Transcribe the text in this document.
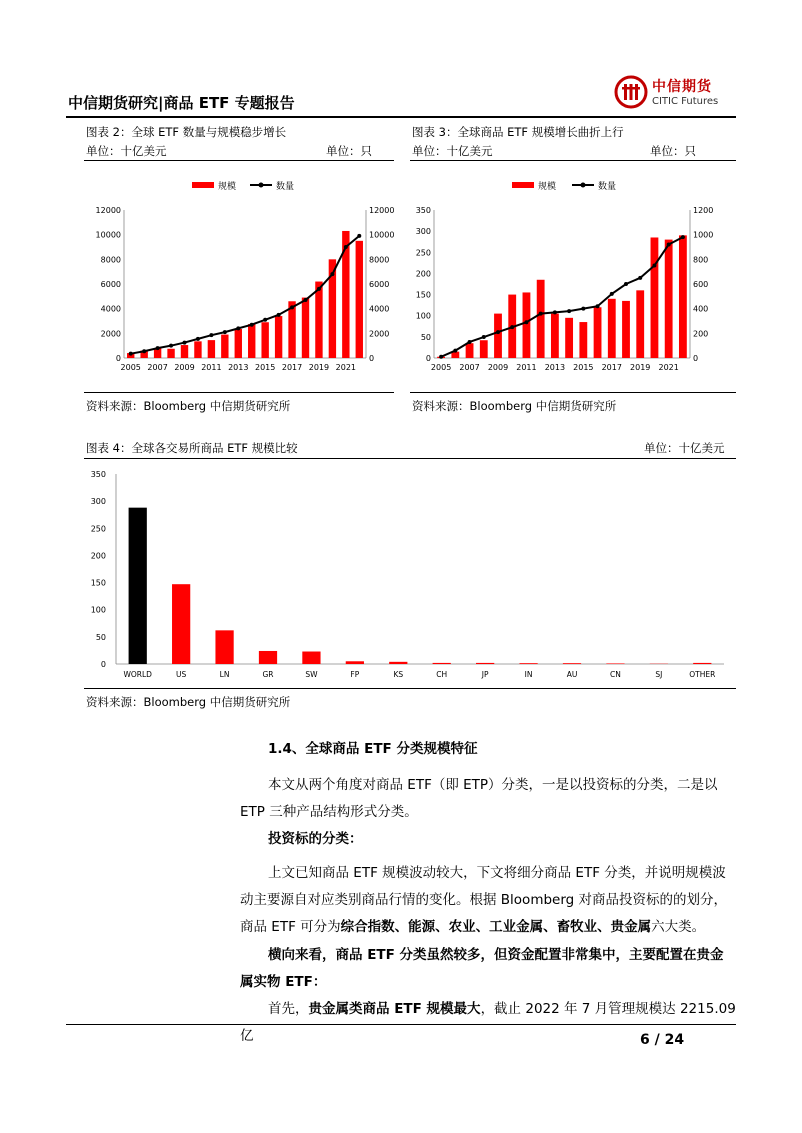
中信期货研究|商品 ETF 专题报告
中信期货
CITIC Futures
图表 2：全球 ETF 数量与规模稳步增长
单位：十亿美元	单位：只
图表 3：全球商品 ETF 规模增长曲折上行
单位：十亿美元	单位：只
规模	数量
0
2000
4000
6000
8000
10000
12000
0
2000
4000
6000
8000
10000
12000
2005 2007 2009 2011 2013 2015 2017 2019 2021
规模	数量
0
50
100
150
200
250
300
350
0
200
400
600
800
1000
1200
2005 2007 2009 2011 2013 2015 2017 2019 2021
资料来源：Bloomberg 中信期货研究所	资料来源：Bloomberg 中信期货研究所
图表 4：全球各交易所商品 ETF 规模比较	单位：十亿美元
0
50
100
150
200
250
300
350
WORLD	US	LN	GR	SW	FP	KS	CH	JP	IN	AU	CN	SJ	OTHER
资料来源：Bloomberg 中信期货研究所
1.4、全球商品 ETF 分类规模特征
本文从两个角度对商品 ETF（即 ETP）分类，一是以投资标的分类，二是以 ETP 三种产品结构形式分类。
投资标的分类：
上文已知商品 ETF 规模波动较大，下文将细分商品 ETF 分类，并说明规模波动主要源自对应类别商品行情的变化。根据 Bloomberg 对商品投资标的的划分，商品 ETF 可分为综合指数、能源、农业、工业金属、畜牧业、贵金属六大类。
横向来看，商品 ETF 分类虽然较多，但资金配置非常集中，主要配置在贵金属实物 ETF：
首先，贵金属类商品 ETF 规模最大，截止 2022 年 7 月管理规模达 2215.09 亿	6 / 24
